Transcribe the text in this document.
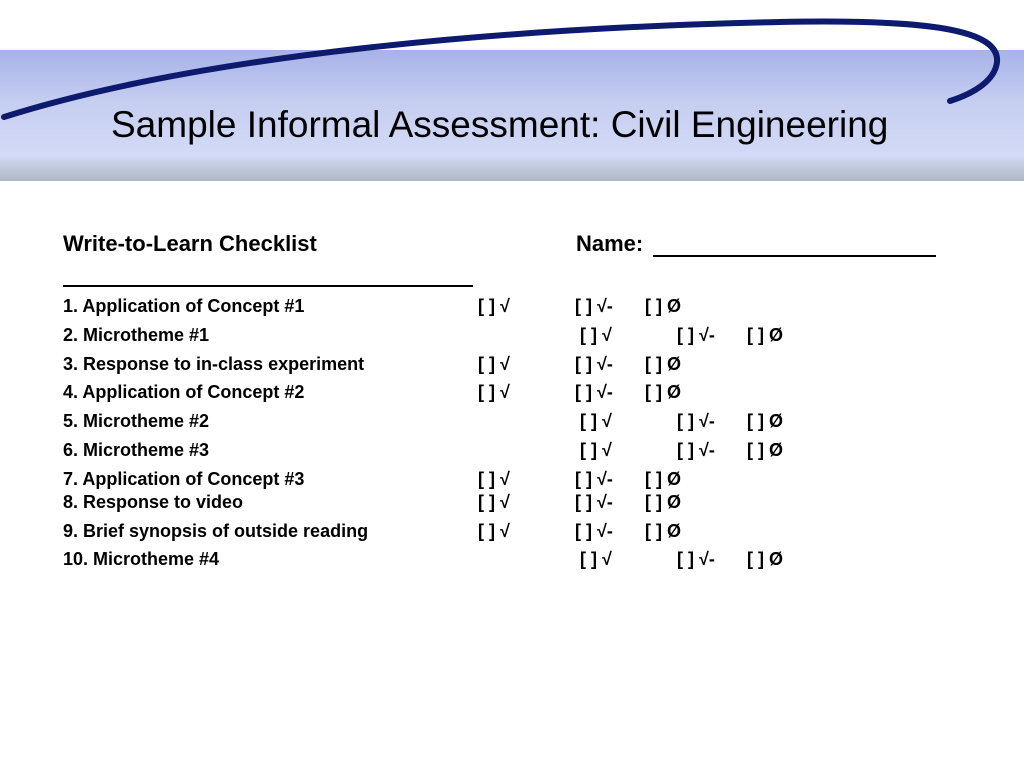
Sample Informal Assessment: Civil Engineering
Write-to-Learn Checklist	Name:
1. Application of Concept #1	[ ] √	[ ] √- [ ] Ø
2. Microtheme #1	[ ] √	[ ] √- [ ] Ø
3. Response to in-class experiment	[ ] √	[ ] √- [ ] Ø
4. Application of Concept #2	[ ] √	[ ] √- [ ] Ø
5. Microtheme #2	[ ] √	[ ] √- [ ] Ø
6. Microtheme #3	[ ] √	[ ] √- [ ] Ø
7. Application of Concept #3	[ ] √	[ ] √- [ ] Ø
8. Response to video	[ ] √	[ ] √- [ ] Ø
9. Brief synopsis of outside reading	[ ] √	[ ] √- [ ] Ø
10. Microtheme #4	[ ] √	[ ] √- [ ] Ø
